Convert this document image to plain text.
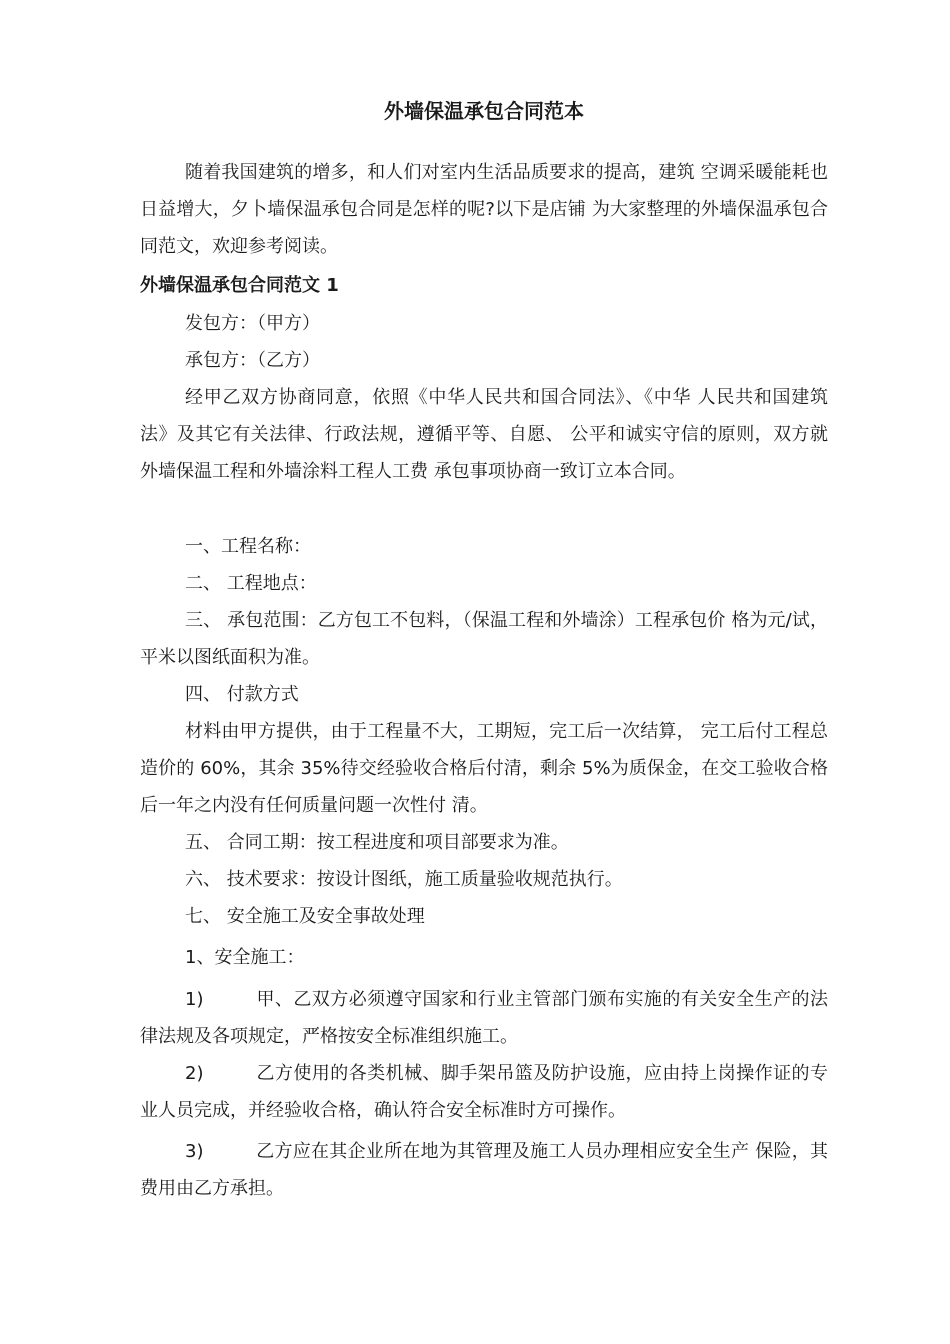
外墙保温承包合同范本

随着我国建筑的增多，和人们对室内生活品质要求的提高，建筑 空调采暖能耗也日益增大，夕卜墙保温承包合同是怎样的呢?以下是店铺 为大家整理的外墙保温承包合同范文，欢迎参考阅读。

外墙保温承包合同范文 1

发包方：（甲方）

承包方：（乙方）

经甲乙双方协商同意，依照《中华人民共和国合同法》、《中华 人民共和国建筑法》及其它有关法律、行政法规，遵循平等、自愿、 公平和诚实守信的原则，双方就外墙保温工程和外墙涂料工程人工费 承包事项协商一致订立本合同。

一、工程名称：

二、 工程地点：

三、 承包范围：乙方包工不包料，（保温工程和外墙涂）工程承包价 格为元/试，平米以图纸面积为准。

四、 付款方式

材料由甲方提供，由于工程量不大，工期短，完工后一次结算， 完工后付工程总造价的 60%，其余 35%待交经验收合格后付清，剩余 5%为质保金，在交工验收合格后一年之内没有任何质量问题一次性付 清。

五、 合同工期：按工程进度和项目部要求为准。

六、 技术要求：按设计图纸，施工质量验收规范执行。

七、 安全施工及安全事故处理

1、安全施工：

1)	甲、乙双方必须遵守国家和行业主管部门颁布实施的有关安全生产的法律法规及各项规定，严格按安全标准组织施工。

2)	乙方使用的各类机械、脚手架吊篮及防护设施，应由持上岗操作证的专业人员完成，并经验收合格，确认符合安全标准时方可操作。

3)	乙方应在其企业所在地为其管理及施工人员办理相应安全生产 保险，其费用由乙方承担。
